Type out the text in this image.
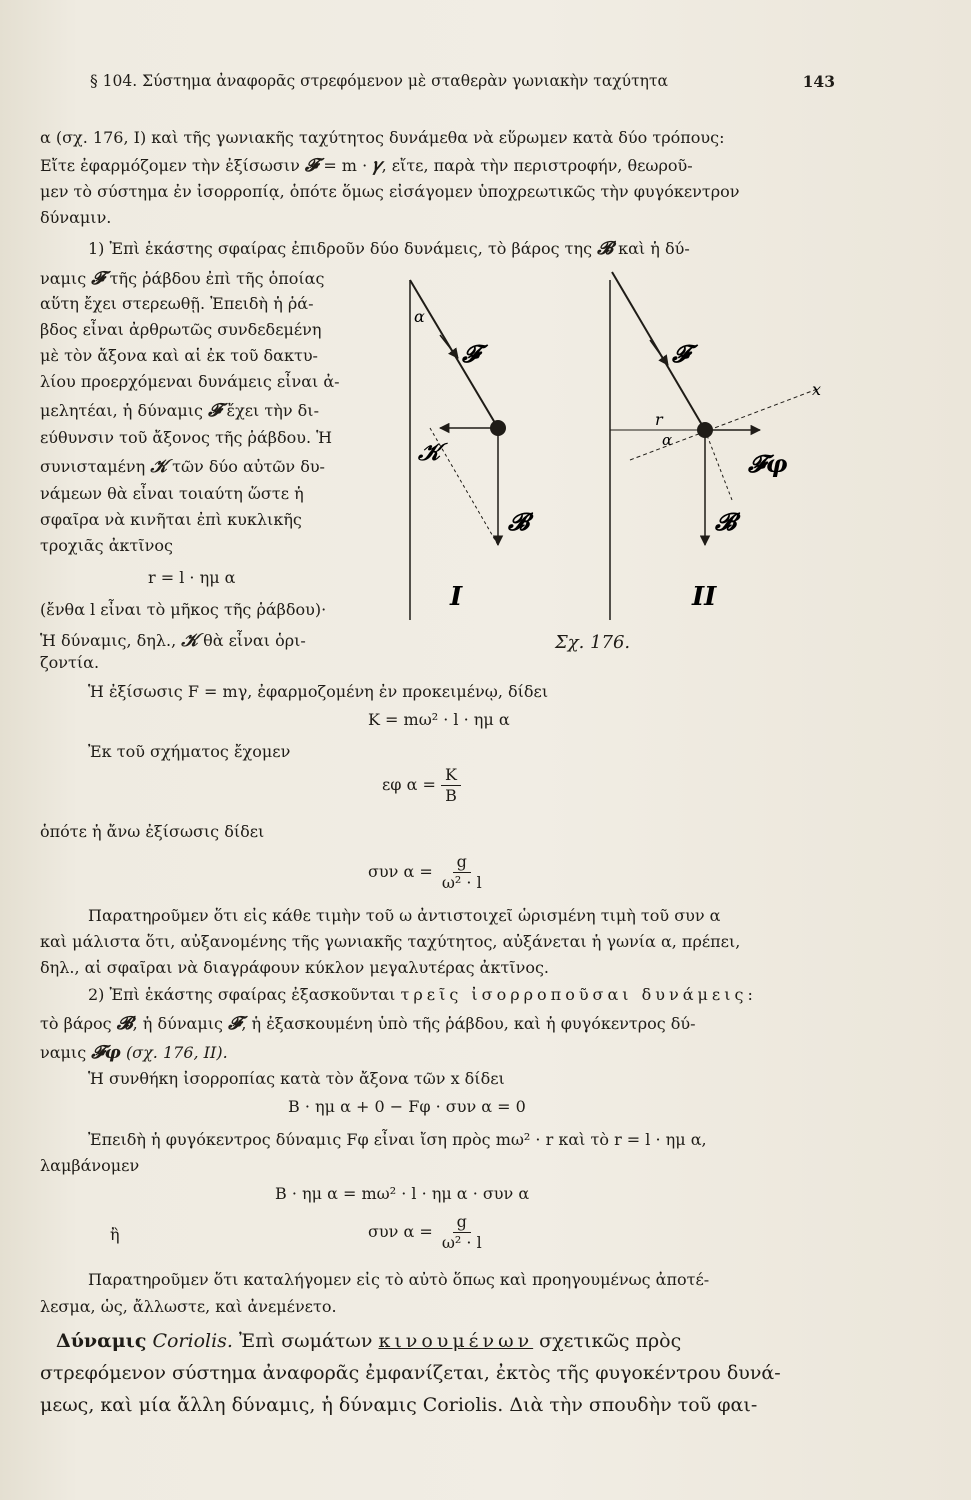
§ 104. Σύστημα ἀναφορᾶς στρεφόμενον μὲ σταθερὰν γωνιακὴν ταχύτητα	143
α (σχ. 176, I) καὶ τῆς γωνιακῆς ταχύτητος δυνάμεθα νὰ εὕρωμεν κατὰ δύο τρόπους:
Εἴτε ἐφαρμόζομεν τὴν ἐξίσωσιν 𝓕 = m · 𝛾, εἴτε, παρὰ τὴν περιστροφήν, θεωροῦ-
μεν τὸ σύστημα ἐν ἰσορροπίᾳ, ὁπότε ὅμως εἰσάγομεν ὑποχρεωτικῶς τὴν φυγόκεντρον
δύναμιν.
1) Ἐπὶ ἑκάστης σφαίρας ἐπιδροῦν δύο δυνάμεις, τὸ βάρος της 𝓑 καὶ ἡ δύ-
ναμις 𝓕 τῆς ῥάβδου ἐπὶ τῆς ὁποίας
αὕτη ἔχει στερεωθῇ. Ἐπειδὴ ἡ ῥά-
βδος εἶναι ἀρθρωτῶς συνδεδεμένη
μὲ τὸν ἄξονα καὶ αἱ ἐκ τοῦ δακτυ-
λίου προερχόμεναι δυνάμεις εἶναι ἀ-
μελητέαι, ἡ δύναμις 𝓕 ἔχει τὴν δι-
εύθυνσιν τοῦ ἄξονος τῆς ῥάβδου. Ἡ
συνισταμένη 𝒦 τῶν δύο αὐτῶν δυ-
νάμεων θὰ εἶναι τοιαύτη ὥστε ἡ
σφαῖρα νὰ κινῆται ἐπὶ κυκλικῆς
τροχιᾶς ἀκτῖνος
r = l · ημ α
(ἔνθα l εἶναι τὸ μῆκος τῆς ῥάβδου)·
Ἡ δύναμις, δηλ., 𝒦 θὰ εἶναι ὁρι-
ζοντία.
α
𝓕
𝒦
𝓑
I
r
α
x
𝓕
𝓕φ
𝓑
II
Σχ. 176.
Ἡ ἐξίσωσις F = mγ, ἐφαρμοζομένη ἐν προκειμένῳ, δίδει
K = mω² · l · ημ α
Ἐκ τοῦ σχήματος ἔχομεν
εφ $\alpha = \frac{K}{B}$
ὁπότε ἡ ἄνω ἐξίσωσις δίδει
συν $\alpha = \frac{g}{\text{ω² · l}}$
Παρατηροῦμεν ὅτι εἰς κάθε τιμὴν τοῦ ω ἀντιστοιχεῖ ὡρισμένη τιμὴ τοῦ συν α
καὶ μάλιστα ὅτι, αὐξανομένης τῆς γωνιακῆς ταχύτητος, αὐξάνεται ἡ γωνία α, πρέπει,
δηλ., αἱ σφαῖραι νὰ διαγράφουν κύκλον μεγαλυτέρας ἀκτῖνος.
2) Ἐπὶ ἑκάστης σφαίρας ἐξασκοῦνται τρεῖς ἰσορροποῦσαι δυνάμεις:
τὸ βάρος 𝓑, ἡ δύναμις 𝓕, ἡ ἐξασκουμένη ὑπὸ τῆς ῥάβδου, καὶ ἡ φυγόκεντρος δύ-
ναμις 𝓕φ (σχ. 176, II).
Ἡ συνθήκη ἰσορροπίας κατὰ τὸν ἄξονα τῶν x δίδει
B · ημ α + 0 − Fφ · συν α = 0
Ἐπειδὴ ἡ φυγόκεντρος δύναμις Fφ εἶναι ἴση πρὸς mω² · r καὶ τὸ r = l · ημ α,
λαμβάνομεν
B · ημ α = mω² · l · ημ α · συν α
ἢ	συν $\alpha = \frac{g}{\text{ω² · l}}$
Παρατηροῦμεν ὅτι καταλήγομεν εἰς τὸ αὐτὸ ὅπως καὶ προηγουμένως ἀποτέ-
λεσμα, ὡς, ἄλλωστε, καὶ ἀνεμένετο.
Δύναμις Coriolis. Ἐπὶ σωμάτων κινουμένων σχετικῶς πρὸς
στρεφόμενον σύστημα ἀναφορᾶς ἐμφανίζεται, ἐκτὸς τῆς φυγοκέντρου δυνά-
μεως, καὶ μία ἄλλη δύναμις, ἡ δύναμις Coriolis. Διὰ τὴν σπουδὴν τοῦ φαι-
